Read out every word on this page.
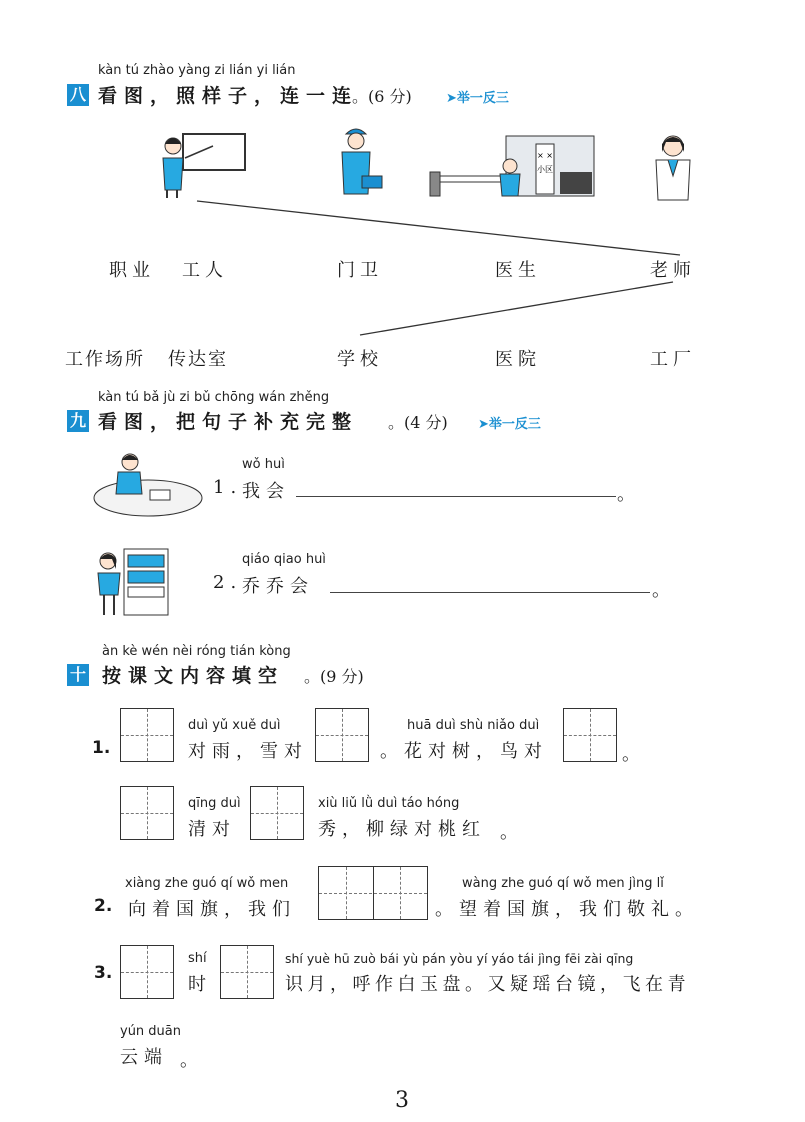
kàn tú zhào yàng zi lián yi lián
八 看图，照样子，连一连
。(6 分)	➤举一反三
× ×
小区
职业 工人	门卫	医生	老师
工作场所 传达室	学校	医院	工厂
kàn tú bǎ jù zi bǔ chōng wán zhěng
九 看图，把句子补充完整 。(4 分) ➤举一反三
wǒ huì
1. 我会	。
qiáo qiao huì
2. 乔乔会	。
àn kè wén nèi róng tián kòng
十 按课文内容填空 。(9 分)
1.
duì yǔ xuě duì
对雨，雪对
huā duì shù niǎo duì
。花对树，鸟对	。
qīng duì
清对
xiù liǔ lǜ duì táo hóng
秀，柳绿对桃红 。
xiàng zhe guó qí wǒ men
2. 向着国旗，我们
wàng zhe guó qí wǒ men jìng lǐ
。望着国旗，我们敬礼。
3.
shí
时
shí yuè hū zuò bái yù pán yòu yí yáo tái jìng fēi zài qīng
识月，呼作白玉盘。又疑瑶台镜，飞在青
yún duān
云端 。
3
